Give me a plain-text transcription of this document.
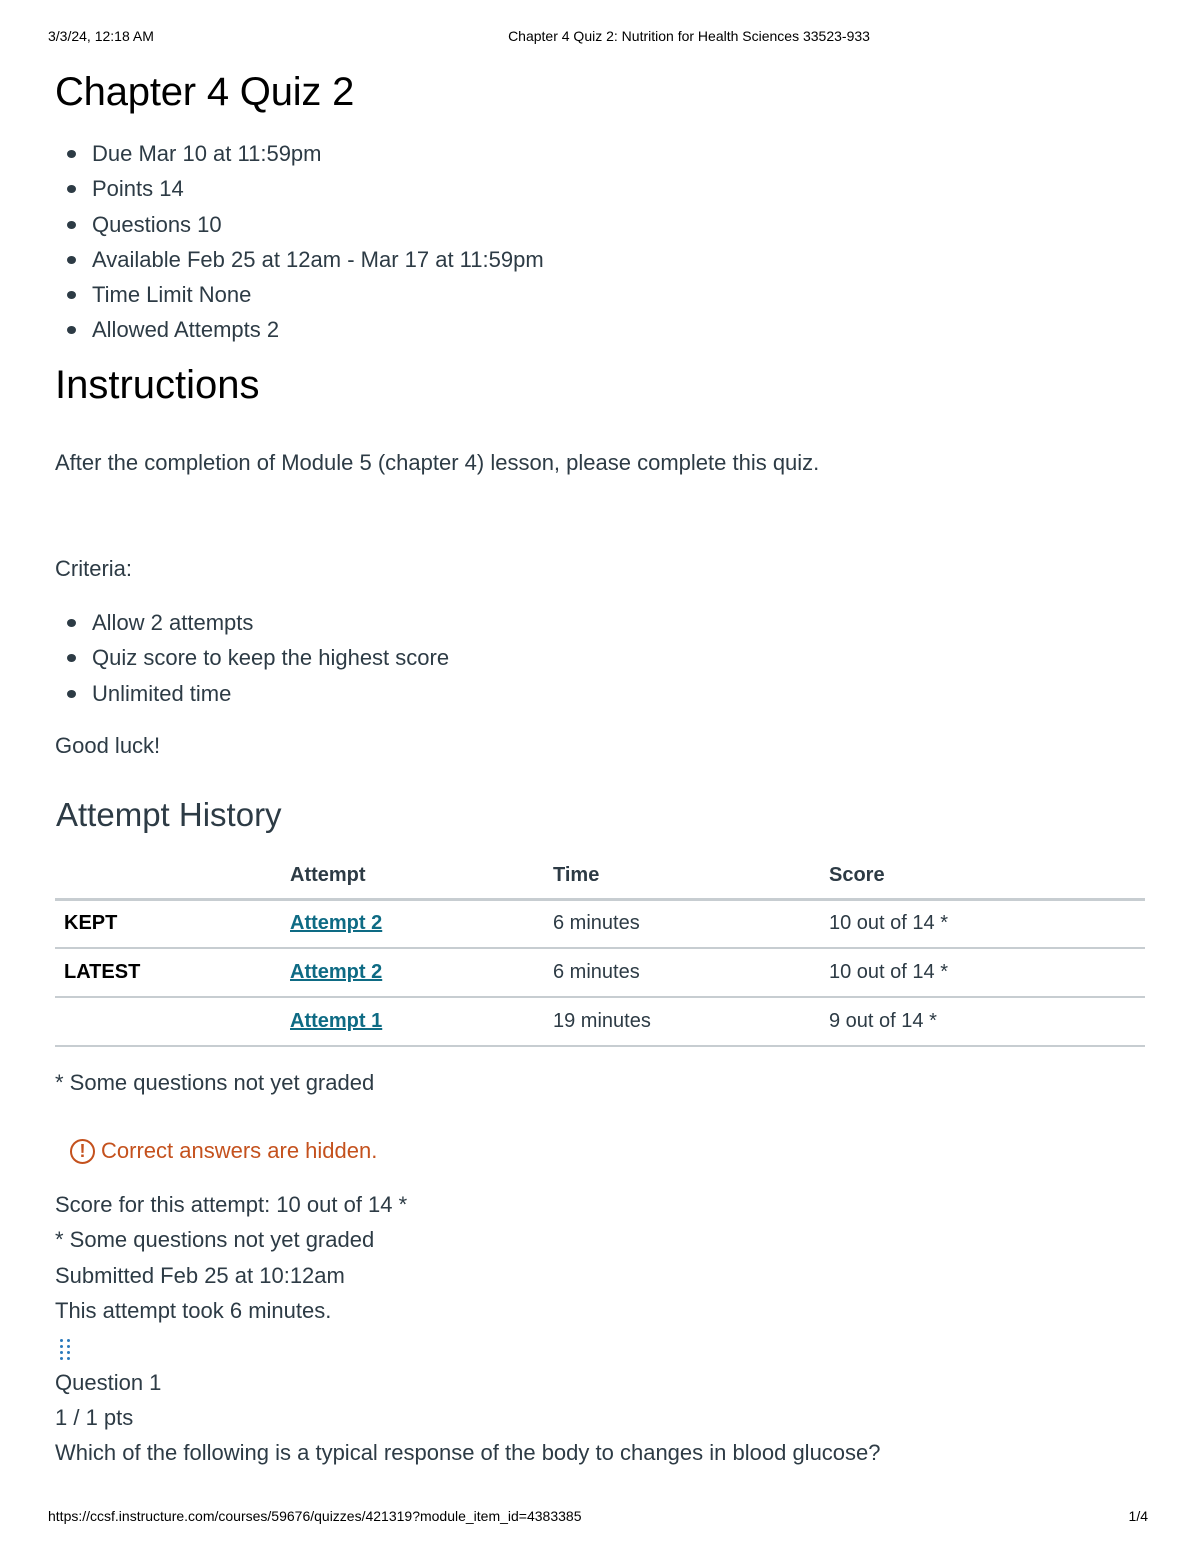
3/3/24, 12:18 AM	Chapter 4 Quiz 2: Nutrition for Health Sciences 33523-933
Chapter 4 Quiz 2
Due Mar 10 at 11:59pm
Points 14
Questions 10
Available Feb 25 at 12am - Mar 17 at 11:59pm
Time Limit None
Allowed Attempts 2
Instructions
After the completion of Module 5 (chapter 4) lesson, please complete this quiz.
Criteria:
Allow 2 attempts
Quiz score to keep the highest score
Unlimited time
Good luck!
Attempt History
	Attempt	Time	Score
KEPT	Attempt 2	6 minutes	10 out of 14 *
LATEST	Attempt 2	6 minutes	10 out of 14 *
	Attempt 1	19 minutes	9 out of 14 *
* Some questions not yet graded
! Correct answers are hidden.
Score for this attempt: 10 out of 14 *
* Some questions not yet graded
Submitted Feb 25 at 10:12am
This attempt took 6 minutes.
Question 1
1 / 1 pts
Which of the following is a typical response of the body to changes in blood glucose?
https://ccsf.instructure.com/courses/59676/quizzes/421319?module_item_id=4383385	1/4
